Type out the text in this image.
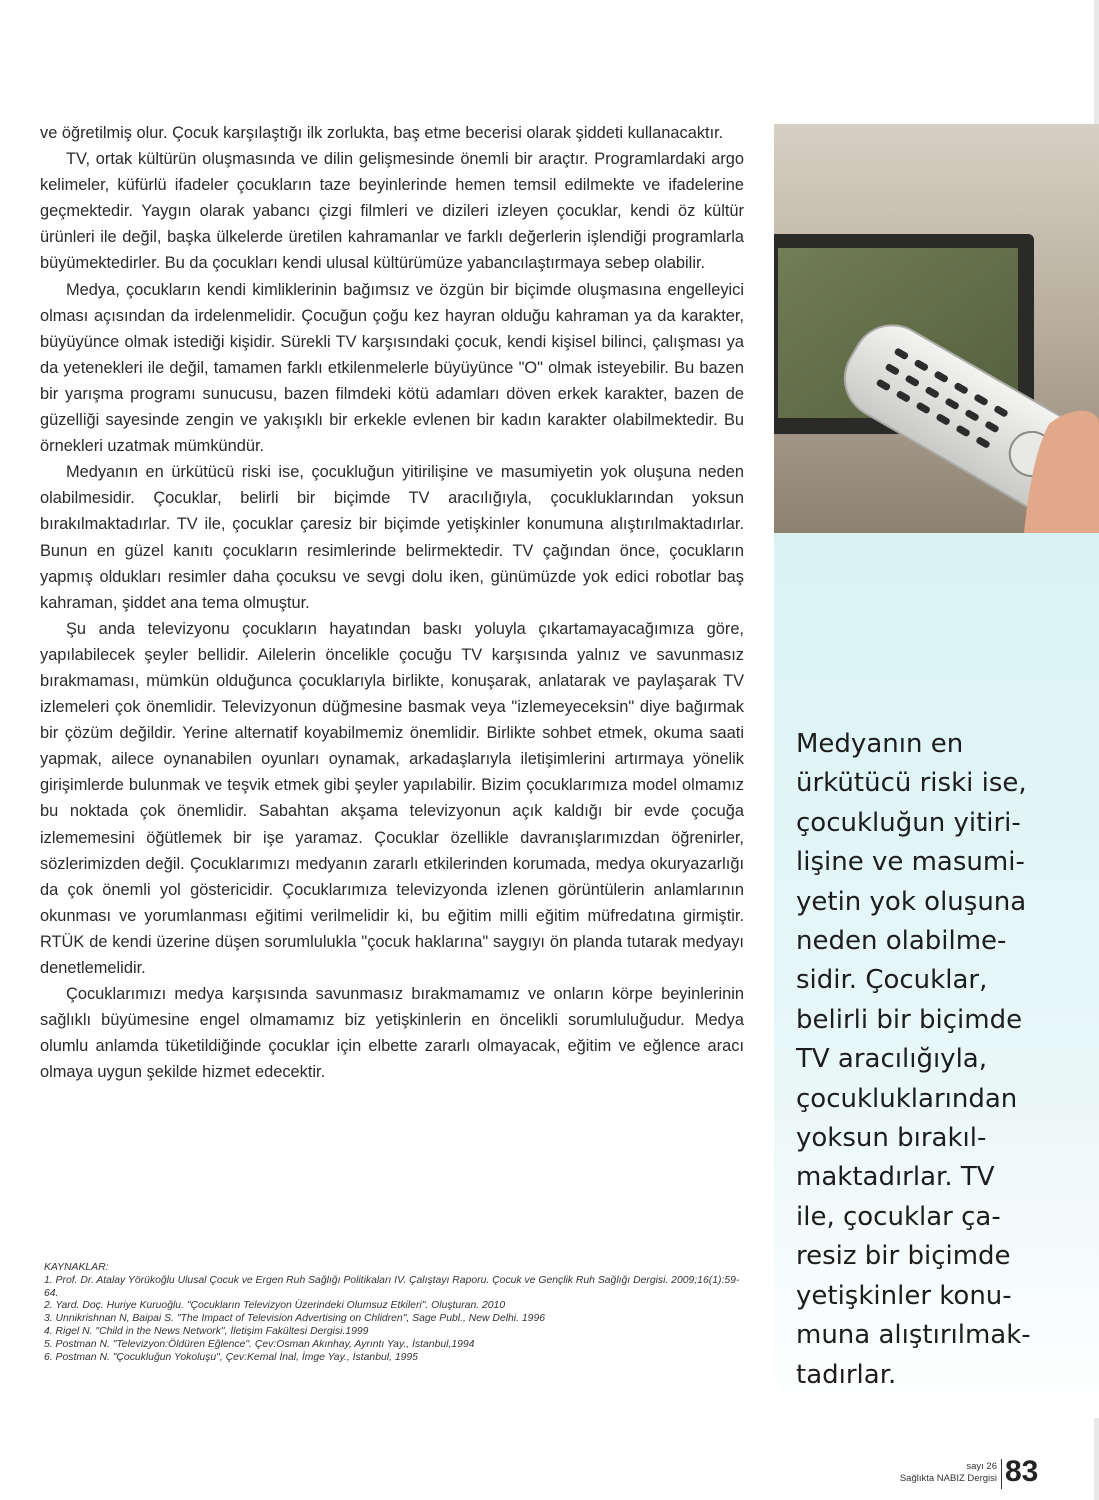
ve öğretilmiş olur. Çocuk karşılaştığı ilk zorlukta, baş etme becerisi olarak şiddeti kullanacaktır.

TV, ortak kültürün oluşmasında ve dilin gelişmesinde önemli bir araçtır. Programlardaki argo kelimeler, küfürlü ifadeler çocukların taze beyinlerinde hemen temsil edilmekte ve ifadelerine geçmektedir. Yaygın olarak yabancı çizgi filmleri ve dizileri izleyen çocuklar, kendi öz kültür ürünleri ile değil, başka ülkelerde üretilen kahramanlar ve farklı değerlerin işlendiği programlarla büyümektedirler. Bu da çocukları kendi ulusal kültürümüze yabancılaştırmaya sebep olabilir.

Medya, çocukların kendi kimliklerinin bağımsız ve özgün bir biçimde oluşmasına engelleyici olması açısından da irdelenmelidir. Çocuğun çoğu kez hayran olduğu kahraman ya da karakter, büyüyünce olmak istediği kişidir. Sürekli TV karşısındaki çocuk, kendi kişisel bilinci, çalışması ya da yetenekleri ile değil, tamamen farklı etkilenmelerle büyüyünce "O" olmak isteyebilir. Bu bazen bir yarışma programı sunucusu, bazen filmdeki kötü adamları döven erkek karakter, bazen de güzelliği sayesinde zengin ve yakışıklı bir erkekle evlenen bir kadın karakter olabilmektedir. Bu örnekleri uzatmak mümkündür.

Medyanın en ürkütücü riski ise, çocukluğun yitirilişine ve masumiyetin yok oluşuna neden olabilmesidir. Çocuklar, belirli bir biçimde TV aracılığıyla, çocukluklarından yoksun bırakılmaktadırlar. TV ile, çocuklar çaresiz bir biçimde yetişkinler konumuna alıştırılmaktadırlar. Bunun en güzel kanıtı çocukların resimlerinde belirmektedir. TV çağından önce, çocukların yapmış oldukları resimler daha çocuksu ve sevgi dolu iken, günümüzde yok edici robotlar baş kahraman, şiddet ana tema olmuştur.

Şu anda televizyonu çocukların hayatından baskı yoluyla çıkartamayacağımıza göre, yapılabilecek şeyler bellidir. Ailelerin öncelikle çocuğu TV karşısında yalnız ve savunmasız bırakmaması, mümkün olduğunca çocuklarıyla birlikte, konuşarak, anlatarak ve paylaşarak TV izlemeleri çok önemlidir. Televizyonun düğmesine basmak veya "izlemeyeceksin" diye bağırmak bir çözüm değildir. Yerine alternatif koyabilmemiz önemlidir. Birlikte sohbet etmek, okuma saati yapmak, ailece oynanabilen oyunları oynamak, arkadaşlarıyla iletişimlerini artırmaya yönelik girişimlerde bulunmak ve teşvik etmek gibi şeyler yapılabilir. Bizim çocuklarımıza model olmamız bu noktada çok önemlidir. Sabahtan akşama televizyonun açık kaldığı bir evde çocuğa izlememesini öğütlemek bir işe yaramaz. Çocuklar özellikle davranışlarımızdan öğrenirler, sözlerimizden değil. Çocuklarımızı medyanın zararlı etkilerinden korumada, medya okuryazarlığı da çok önemli yol göstericidir. Çocuklarımıza televizyonda izlenen görüntülerin anlamlarının okunması ve yorumlanması eğitimi verilmelidir ki, bu eğitim milli eğitim müfredatına girmiştir. RTÜK de kendi üzerine düşen sorumlulukla "çocuk haklarına" saygıyı ön planda tutarak medyayı denetlemelidir.

Çocuklarımızı medya karşısında savunmasız bırakmamamız ve onların körpe beyinlerinin sağlıklı büyümesine engel olmamamız biz yetişkinlerin en öncelikli sorumluluğudur. Medya olumlu anlamda tüketildiğinde çocuklar için elbette zararlı olmayacak, eğitim ve eğlence aracı olmaya uygun şekilde hizmet edecektir.

KAYNAKLAR:
1. Prof. Dr. Atalay Yörükoğlu Ulusal Çocuk ve Ergen Ruh Sağlığı Politikaları IV. Çalıştayı Raporu. Çocuk ve Gençlik Ruh Sağlığı Dergisi. 2009;16(1):59- 64.
2. Yard. Doç. Huriye Kuruoğlu. "Çocukların Televizyon Üzerindeki Olumsuz Etkileri". Oluşturan. 2010
3. Unnikrishnan N, Baipai S. "The Impact of Television Advertising on Chlidren", Sage Publ., New Delhi. 1996
4. Rigel N. "Child in the News Network", İletişim Fakültesi Dergisi.1999
5. Postman N. "Televizyon:Öldüren Eğlence". Çev:Osman Akınhay, Ayrıntı Yay., İstanbul,1994
6. Postman N. "Çocukluğun Yokoluşu", Çev:Kemal İnal, İmge Yay., İstanbul, 1995
Medyanın en
ürkütücü riski ise,
çocukluğun yitiri-
lişine ve masumi-
yetin yok oluşuna
neden olabilme-
sidir. Çocuklar,
belirli bir biçimde
TV aracılığıyla,
çocukluklarından
yoksun bırakıl-
maktadırlar. TV
ile, çocuklar ça-
resiz bir biçimde
yetişkinler konu-
muna alıştırılmak-
tadırlar.
sayı 26
Sağlıkta NABIZ Dergisi 83
